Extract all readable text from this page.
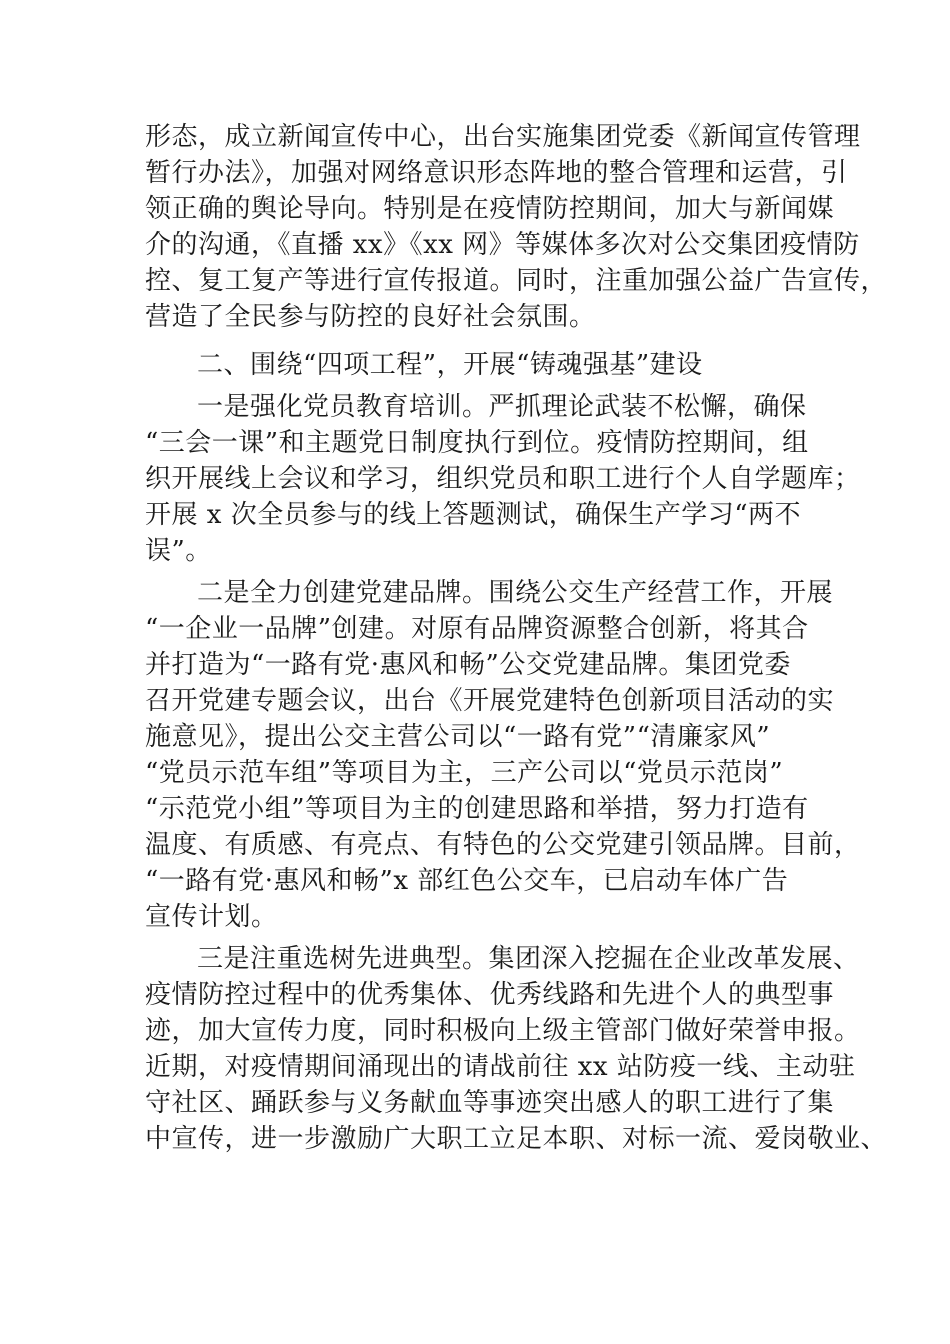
形态，成立新闻宣传中心，出台实施集团党委《新闻宣传管理
暂行办法》，加强对网络意识形态阵地的整合管理和运营，引
领正确的舆论导向。特别是在疫情防控期间，加大与新闻媒
介的沟通，《直播 xx》《xx 网》等媒体多次对公交集团疫情防
控、复工复产等进行宣传报道。同时，注重加强公益广告宣传，
营造了全民参与防控的良好社会氛围。
二、围绕“四项工程”，开展“铸魂强基”建设
一是强化党员教育培训。严抓理论武装不松懈，确保
“三会一课”和主题党日制度执行到位。疫情防控期间，组
织开展线上会议和学习，组织党员和职工进行个人自学题库；
开展 x 次全员参与的线上答题测试，确保生产学习“两不
误”。
二是全力创建党建品牌。围绕公交生产经营工作，开展
“一企业一品牌”创建。对原有品牌资源整合创新，将其合
并打造为“一路有党·惠风和畅”公交党建品牌。集团党委
召开党建专题会议，出台《开展党建特色创新项目活动的实
施意见》，提出公交主营公司以“一路有党”“清廉家风”
“党员示范车组”等项目为主，三产公司以“党员示范岗”
“示范党小组”等项目为主的创建思路和举措，努力打造有
温度、有质感、有亮点、有特色的公交党建引领品牌。目前，
“一路有党·惠风和畅”x 部红色公交车，已启动车体广告
宣传计划。
三是注重选树先进典型。集团深入挖掘在企业改革发展、
疫情防控过程中的优秀集体、优秀线路和先进个人的典型事
迹，加大宣传力度，同时积极向上级主管部门做好荣誉申报。
近期，对疫情期间涌现出的请战前往 xx 站防疫一线、主动驻
守社区、踊跃参与义务献血等事迹突出感人的职工进行了集
中宣传，进一步激励广大职工立足本职、对标一流、爱岗敬业、
